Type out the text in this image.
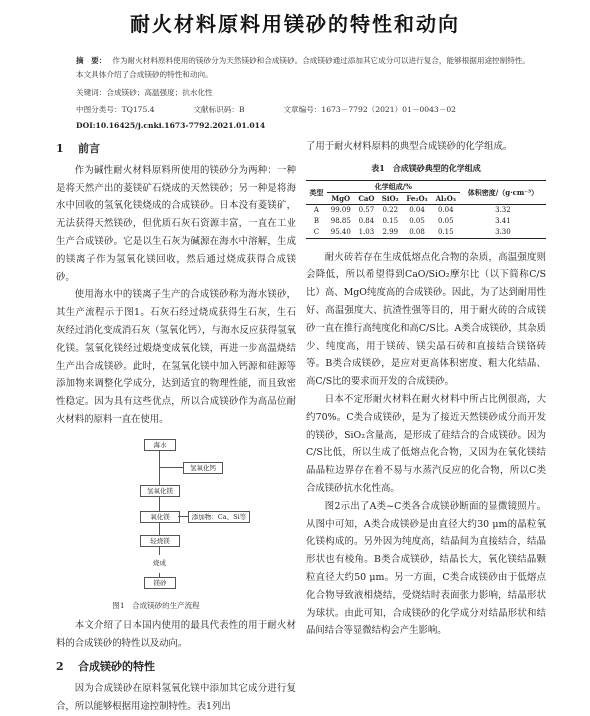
耐火材料原料用镁砂的特性和动向
摘　要： 作为耐火材料原料使用的镁砂分为天然镁砂和合成镁砂。合成镁砂通过添加其它成分可以进行复合，能够根据用途控制特性。本文具体介绍了合成镁砂的特性和动向。
关键词：合成镁砂；高温强度；抗水化性
中图分类号：TQ175.4	文献标识码：B	文章编号：1673－7792（2021）01－0043－02
DOI:10.16425/j.cnki.1673-7792.2021.01.014
1 前言

作为碱性耐火材料原料所使用的镁砂分为两种：一种是将天然产出的菱镁矿石烧成的天然镁砂；另一种是将海水中回收的氢氧化镁烧成的合成镁砂。日本没有菱镁矿，无法获得天然镁砂，但优质石灰石资源丰富，一直在工业生产合成镁砂。它是以生石灰为碱源在海水中溶解，生成的镁离子作为氢氧化镁回收，然后通过烧成获得合成镁砂。

使用海水中的镁离子生产的合成镁砂称为海水镁砂，其生产流程示于图1。石灰石经过烧成获得生石灰，生石灰经过消化变成消石灰（氢氧化钙），与海水反应获得氢氧化镁。氢氧化镁经过煅烧变成氧化镁，再进一步高温烧结生产出合成镁砂。此时，在氢氧化镁中加入钙源和硅源等添加物来调整化学成分，达到适宜的物理性能，而且致密性稳定。因为具有这些优点，所以合成镁砂作为高品位耐火材料的原料一直在使用。

海水
氢氧化钙
氢氧化镁
氧化镁	添加物：Ca、Si等
轻烧镁
烧成
镁砂
图1　合成镁砂的生产流程

本文介绍了日本国内使用的最具代表性的用于耐火材料的合成镁砂的特性以及动向。

2 合成镁砂的特性

因为合成镁砂在原料氢氧化镁中添加其它成分进行复合，所以能够根据用途控制特性。表1列出

了用于耐火材料原料的典型合成镁砂的化学组成。

表1　合成镁砂典型的化学组成
类型	化学组成/%					体积密度/（g·cm⁻³）
	MgO	CaO	SiO₂	Fe₂O₃	Al₂O₃	
A	99.09	0.57	0.22	0.04	0.04	3.32
B	98.85	0.84	0.15	0.05	0.05	3.41
C	95.40	1.03	2.99	0.08	0.15	3.30

耐火砖若存在生成低熔点化合物的杂质，高温强度则会降低，所以希望得到CaO/SiO₂摩尔比（以下简称C/S比）高、MgO纯度高的合成镁砂。因此，为了达到耐用性好、高温强度大、抗渣性强等目的，用于耐火砖的合成镁砂一直在推行高纯度化和高C/S比。A类合成镁砂，其杂质少、纯度高，用于镁砖、镁尖晶石砖和直接结合镁铬砖等。B类合成镁砂，是应对更高体积密度、粗大化结晶、高C/S比的要求而开发的合成镁砂。

日本不定形耐火材料在耐火材料中所占比例很高，大约70%。C类合成镁砂，是为了接近天然镁砂成分而开发的镁砂，SiO₂含量高，是形成了硅结合的合成镁砂。因为C/S比低，所以生成了低熔点化合物，又因为在氧化镁结晶晶粒边界存在着不易与水蒸汽反应的化合物，所以C类合成镁砂抗水化性高。

图2示出了A类~C类各合成镁砂断面的显微镜照片。从图中可知，A类合成镁砂是由直径大约30 μm的晶粒氧化镁构成的。另外因为纯度高，结晶间为直接结合，结晶形状也有棱角。B类合成镁砂，结晶长大，氧化镁结晶颗粒直径大约50 μm。另一方面，C类合成镁砂由于低熔点化合物导致液相烧结，受烧结时表面张力影响，结晶形状为球状。由此可知，合成镁砂的化学成分对结晶形状和结晶间结合等显微结构会产生影响。
